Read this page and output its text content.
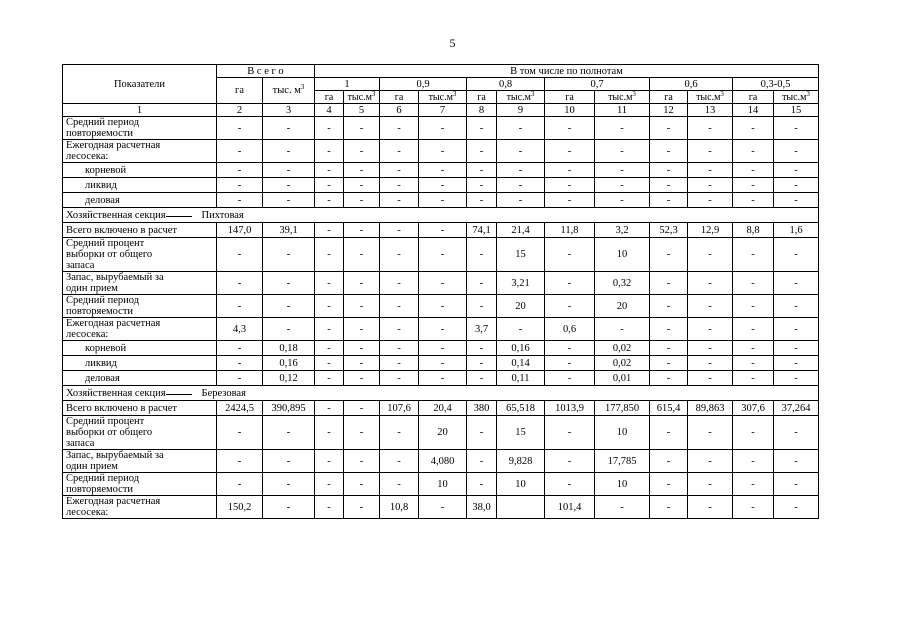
5
Показатели	В с е г о		В том числе по полнотам											
	га	тыс. $м^3$	1		0,9		0,8		0,7		0,6		0,3-0,5	
			га	$тыс.м^3$	га	$тыс.м^3$	га	$тыс.м^3$	га	$тыс.м^3$	га	$тыс.м^3$	га	$тыс.м^3$
1	2	3	4	5	6	7	8	9	10	11	12	13	14	15
Средний период
повторяемости	-	-	-	-	-	-	-	-	-	-	-	-	-	-
Ежегодная расчетная
лесосека:	-	-	-	-	-	-	-	-	-	-	-	-	-	-
корневой	-	-	-	-	-	-	-	-	-	-	-	-	-	-
ликвид	-	-	-	-	-	-	-	-	-	-	-	-	-	-
деловая	-	-	-	-	-	-	-	-	-	-	-	-	-	-
Хозяйственная секция Пихтовая														
Всего включено в расчет	147,0	39,1	-	-	-	-	74,1	21,4	11,8	3,2	52,3	12,9	8,8	1,6
Средний процент
выборки от общего
запаса	-	-	-	-	-	-	-	15	-	10	-	-	-	-
Запас, вырубаемый за
один прием	-	-	-	-	-	-	-	3,21	-	0,32	-	-	-	-
Средний период
повторяемости	-	-	-	-	-	-	-	20	-	20	-	-	-	-
Ежегодная расчетная
лесосека:	4,3	-	-	-	-	-	3,7	-	0,6	-	-	-	-	-
корневой	-	0,18	-	-	-	-	-	0,16	-	0,02	-	-	-	-
ликвид	-	0,16	-	-	-	-	-	0,14	-	0,02	-	-	-	-
деловая	-	0,12	-	-	-	-	-	0,11	-	0,01	-	-	-	-
Хозяйственная секция Березовая														
Всего включено в расчет	2424,5	390,895	-	-	107,6	20,4	380	65,518	1013,9	177,850	615,4	89,863	307,6	37,264
Средний процент
выборки от общего
запаса	-	-	-	-	-	20	-	15	-	10	-	-	-	-
Запас, вырубаемый за
один прием	-	-	-	-	-	4,080	-	9,828	-	17,785	-	-	-	-
Средний период
повторяемости	-	-	-	-	-	10	-	10	-	10	-	-	-	-
Ежегодная расчетная
лесосека:	150,2	-	-	-	10,8	-	38,0		101,4	-	-	-	-	-
